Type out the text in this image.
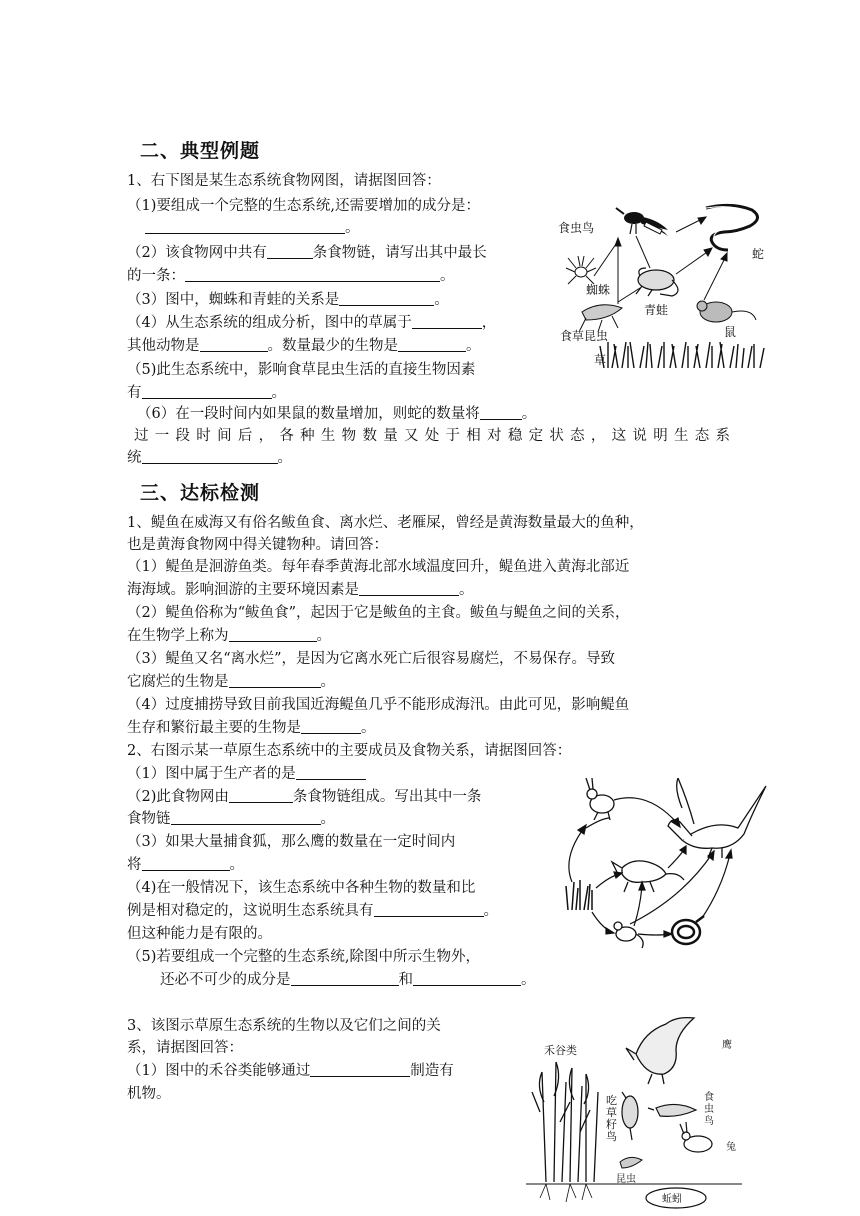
二、典型例题
1、右下图是某生态系统食物网图，请据图回答：
（1)要组成一个完整的生态系统,还需要增加的成分是：
。
（2）该食物网中共有	条食物链，请写出其中最长
的一条：	。
（3）图中，蜘蛛和青蛙的关系是	。
（4）从生态系统的组成分析，图中的草属于	，
其他动物是	。数量最少的生物是	。
（5)此生态系统中，影响食草昆虫生活的直接生物因素
有	。
（6）在一段时间内如果鼠的数量增加，则蛇的数量将	。
过一段时间后，各种生物数量又处于相对稳定状态，这说明生态系
统	。
食虫鸟
蛇
蜘蛛
青蛙
食草昆虫	鼠
草
三、达标检测
1、鳀鱼在威海又有俗名鲅鱼食、离水烂、老雁屎，曾经是黄海数量最大的鱼种，
也是黄海食物网中得关键物种。请回答：
（1）鳀鱼是洄游鱼类。每年春季黄海北部水域温度回升，鳀鱼进入黄海北部近
海海域。影响洄游的主要环境因素是	。
（2）鳀鱼俗称为“鲅鱼食”，起因于它是鲅鱼的主食。鲅鱼与鳀鱼之间的关系，
在生物学上称为	。
（3）鳀鱼又名“离水烂”，是因为它离水死亡后很容易腐烂，不易保存。导致
它腐烂的生物是	。
（4）过度捕捞导致目前我国近海鳀鱼几乎不能形成海汛。由此可见，影响鳀鱼
生存和繁衍最主要的生物是	。
2、右图示某一草原生态系统中的主要成员及食物关系，请据图回答：
（1）图中属于生产者的是
（2)此食物网由	条食物链组成。写出其中一条
食物链	。
（3）如果大量捕食狐，那么鹰的数量在一定时间内
将	。
（4)在一般情况下，该生态系统中各种生物的数量和比
例是相对稳定的，这说明生态系统具有	。
但这种能力是有限的。
（5)若要组成一个完整的生态系统,除图中所示生物外，
还必不可少的成分是	和	。
3、该图示草原生态系统的生物以及它们之间的关
系，请据图回答：
（1）图中的禾谷类能够通过	制造有
机物。
禾谷类	鹰
吃
草
籽
鸟
食
虫
鸟
兔
昆虫
蚯蚓
